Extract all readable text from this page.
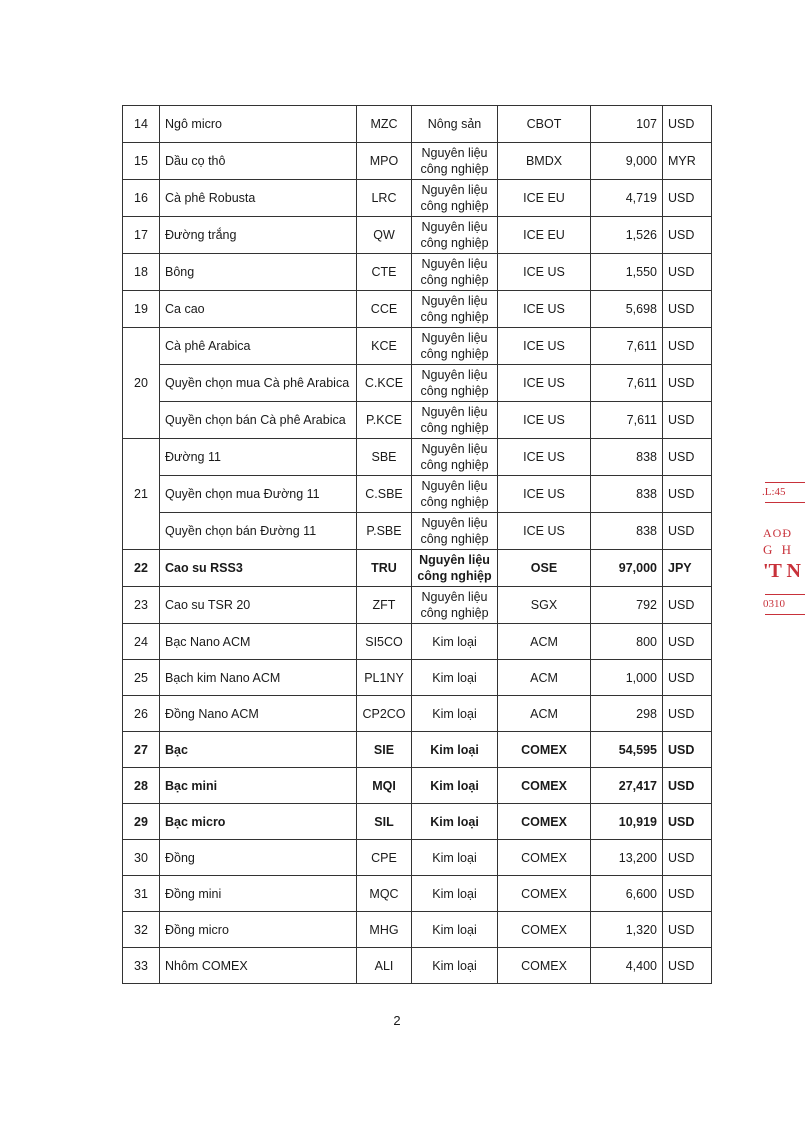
14	Ngô micro	MZC	Nông sản	CBOT	107	USD
15	Dầu cọ thô	MPO	Nguyên liệu
công nghiệp	BMDX	9,000	MYR
16	Cà phê Robusta	LRC	Nguyên liệu
công nghiệp	ICE EU	4,719	USD
17	Đường trắng	QW	Nguyên liệu
công nghiệp	ICE EU	1,526	USD
18	Bông	CTE	Nguyên liệu
công nghiệp	ICE US	1,550	USD
19	Ca cao	CCE	Nguyên liệu
công nghiệp	ICE US	5,698	USD
20	Cà phê Arabica	KCE	Nguyên liệu
công nghiệp	ICE US	7,611	USD
	Quyền chọn mua Cà phê Arabica	C.KCE	Nguyên liệu
công nghiệp	ICE US	7,611	USD
	Quyền chọn bán Cà phê Arabica	P.KCE	Nguyên liệu
công nghiệp	ICE US	7,611	USD
21	Đường 11	SBE	Nguyên liệu
công nghiệp	ICE US	838	USD
	Quyền chọn mua Đường 11	C.SBE	Nguyên liệu
công nghiệp	ICE US	838	USD
	Quyền chọn bán Đường 11	P.SBE	Nguyên liệu
công nghiệp	ICE US	838	USD
22	Cao su RSS3	TRU	Nguyên liệu
công nghiệp	OSE	97,000	JPY
23	Cao su TSR 20	ZFT	Nguyên liệu
công nghiệp	SGX	792	USD
24	Bạc Nano ACM	SI5CO	Kim loại	ACM	800	USD
25	Bạch kim Nano ACM	PL1NY	Kim loại	ACM	1,000	USD
26	Đồng Nano ACM	CP2CO	Kim loại	ACM	298	USD
27	Bạc	SIE	Kim loại	COMEX	54,595	USD
28	Bạc mini	MQI	Kim loại	COMEX	27,417	USD
29	Bạc micro	SIL	Kim loại	COMEX	10,919	USD
30	Đồng	CPE	Kim loại	COMEX	13,200	USD
31	Đồng mini	MQC	Kim loại	COMEX	6,600	USD
32	Đồng micro	MHG	Kim loại	COMEX	1,320	USD
33	Nhôm COMEX	ALI	Kim loại	COMEX	4,400	USD
2
.L:45
AOĐ
G H
'T N
0310
